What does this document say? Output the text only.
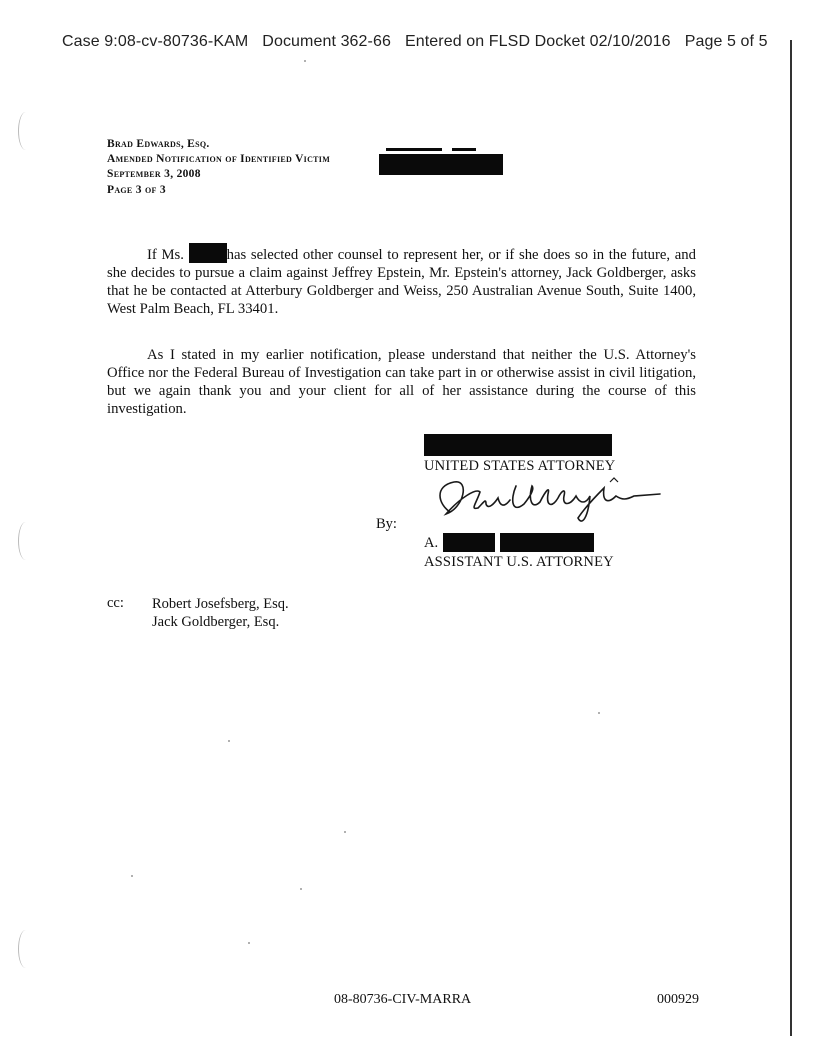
Case 9:08-cv-80736-KAM Document 362-66 Entered on FLSD Docket 02/10/2016 Page 5 of 5
Brad Edwards, Esq.
Amended Notification of Identified Victim
September 3, 2008
Page 3 of 3
If Ms.	has selected other counsel to represent her, or if she does so in the future, and she decides to pursue a claim against Jeffrey Epstein, Mr. Epstein's attorney, Jack Goldberger, asks that he be contacted at Atterbury Goldberger and Weiss, 250 Australian Avenue South, Suite 1400, West Palm Beach, FL 33401.
As I stated in my earlier notification, please understand that neither the U.S. Attorney's Office nor the Federal Bureau of Investigation can take part in or otherwise assist in civil litigation, but we again thank you and your client for all of her assistance during the course of this investigation.
UNITED STATES ATTORNEY
By:
A.
ASSISTANT U.S. ATTORNEY
cc: Robert Josefsberg, Esq.
Jack Goldberger, Esq.
08-80736-CIV-MARRA	000929
